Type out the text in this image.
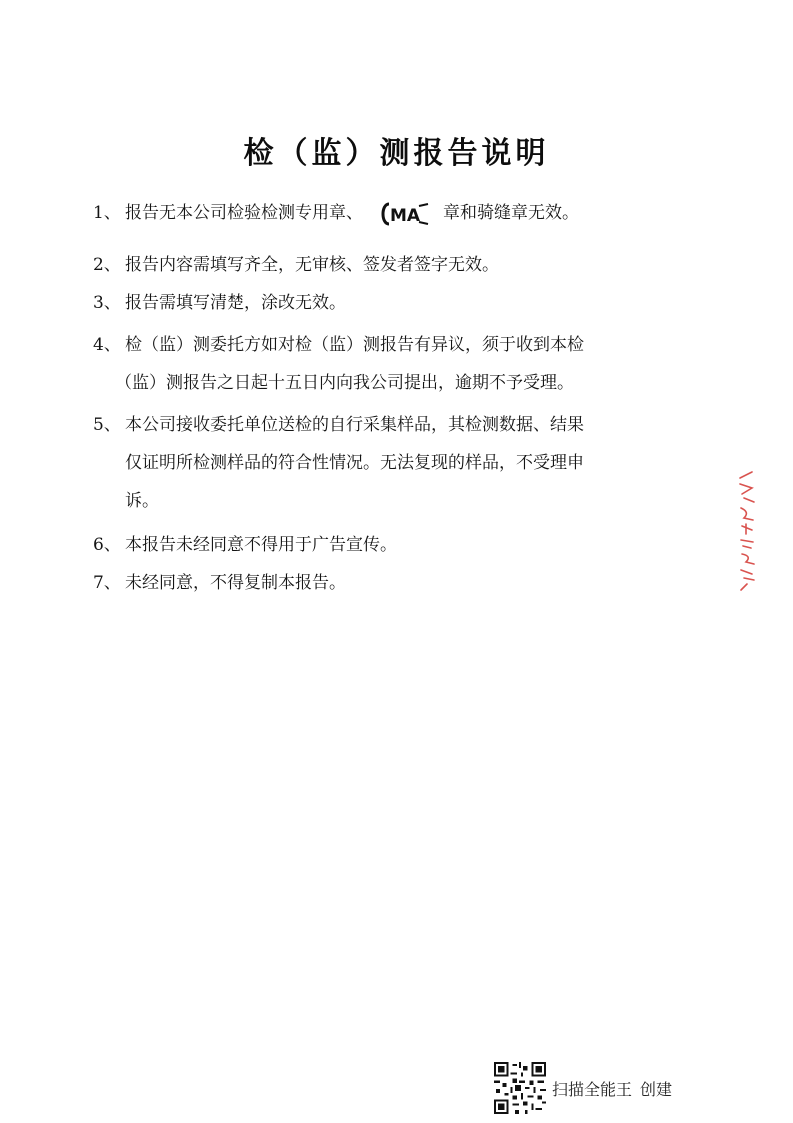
检（监）测报告说明
1、 报告无本公司检验检测专用章、 MA 章和骑缝章无效。
2、 报告内容需填写齐全，无审核、签发者签字无效。
3、 报告需填写清楚，涂改无效。
4、 检（监）测委托方如对检（监）测报告有异议，须于收到本检
（监）测报告之日起十五日内向我公司提出，逾期不予受理。
5、 本公司接收委托单位送检的自行采集样品，其检测数据、结果
仅证明所检测样品的符合性情况。无法复现的样品，不受理申
诉。
6、 本报告未经同意不得用于广告宣传。
7、 未经同意，不得复制本报告。
扫描全能王 创建
